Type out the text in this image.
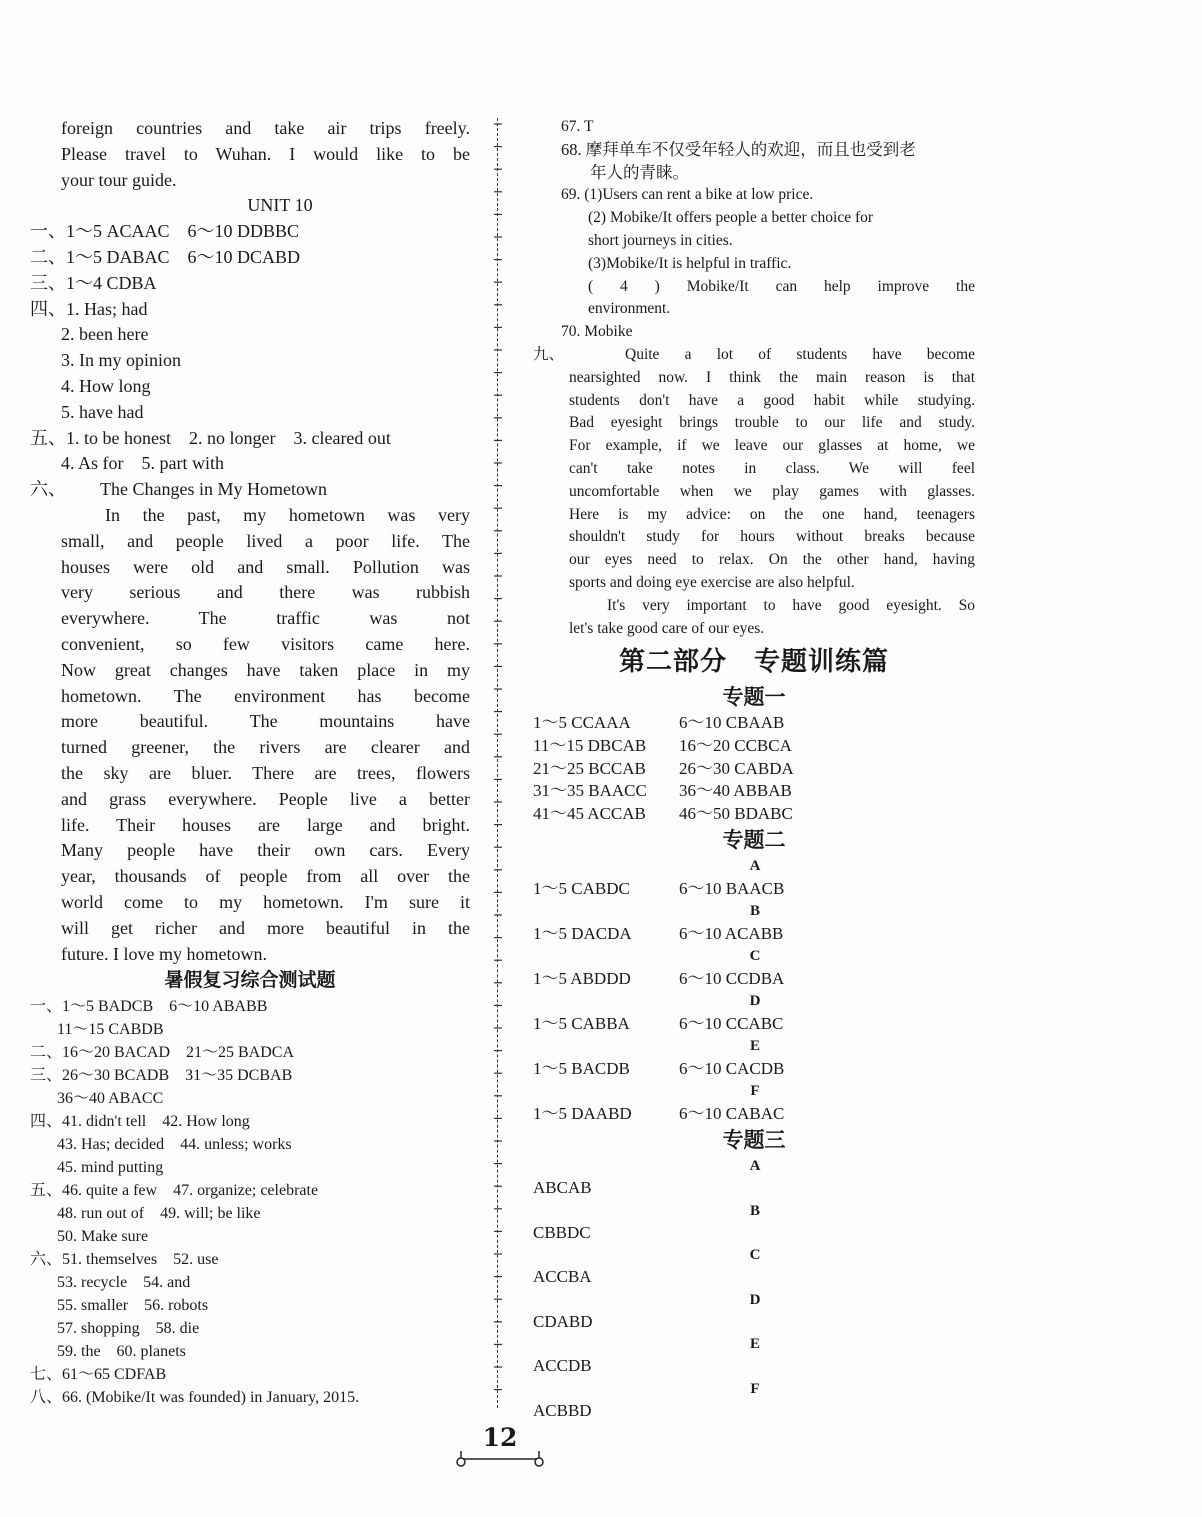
foreign countries and take air trips freely.
Please travel to Wuhan. I would like to be
your tour guide.
UNIT 10
一、1～5 ACAAC　6～10 DDBBC
二、1～5 DABAC　6～10 DCABD
三、1～4 CDBA
四、1. Has; had
2. been here
3. In my opinion
4. How long
5. have had
五、1. to be honest　2. no longer　3. cleared out
4. As for　5. part with
六、 The Changes in My Hometown
In the past, my hometown was very
small, and people lived a poor life. The
houses were old and small. Pollution was
very serious and there was rubbish
everywhere. The traffic was not
convenient, so few visitors came here.
Now great changes have taken place in my
hometown. The environment has become
more beautiful. The mountains have
turned greener, the rivers are clearer and
the sky are bluer. There are trees, flowers
and grass everywhere. People live a better
life. Their houses are large and bright.
Many people have their own cars. Every
year, thousands of people from all over the
world come to my hometown. I'm sure it
will get richer and more beautiful in the
future. I love my hometown.
暑假复习综合测试题
一、1～5 BADCB　6～10 ABABB
11～15 CABDB
二、16～20 BACAD　21～25 BADCA
三、26～30 BCADB　31～35 DCBAB
36～40 ABACC
四、41. didn't tell　42. How long
43. Has; decided　44. unless; works
45. mind putting
五、46. quite a few　47. organize; celebrate
48. run out of　49. will; be like
50. Make sure
六、51. themselves　52. use
53. recycle　54. and
55. smaller　56. robots
57. shopping　58. die
59. the　60. planets
七、61～65 CDFAB
八、66. (Mobike/It was founded) in January, 2015.
67. T
68. 摩拜单车不仅受年轻人的欢迎，而且也受到老
年人的青睐。
69. (1)Users can rent a bike at low price.
(2) Mobike/It offers people a better choice for
short journeys in cities.
(3)Mobike/It is helpful in traffic.
( 4 ) Mobike/It can help improve the
environment.
70. Mobike
九、	Quite a lot of students have become
nearsighted now. I think the main reason is that
students don't have a good habit while studying.
Bad eyesight brings trouble to our life and study.
For example, if we leave our glasses at home, we
can't take notes in class. We will feel
uncomfortable when we play games with glasses.
Here is my advice: on the one hand, teenagers
shouldn't study for hours without breaks because
our eyes need to relax. On the other hand, having
sports and doing eye exercise are also helpful.
It's very important to have good eyesight. So
let's take good care of our eyes.
第二部分　专题训练篇
专题一
1～5 CCAAA	6～10 CBAAB
11～15 DBCAB 16～20 CCBCA
21～25 BCCAB 26～30 CABDA
31～35 BAACC 36～40 ABBAB
41～45 ACCAB 46～50 BDABC
专题二
A
1～5 CABDC	6～10 BAACB
B
1～5 DACDA	6～10 ACABB
C
1～5 ABDDD	6～10 CCDBA
D
1～5 CABBA	6～10 CCABC
E
1～5 BACDB	6～10 CACDB
F
1～5 DAABD	6～10 CABAC
专题三
A
ABCAB
B
CBBDC
C
ACCBA
D
CDABD
E
ACCDB
F
ACBBD
12
